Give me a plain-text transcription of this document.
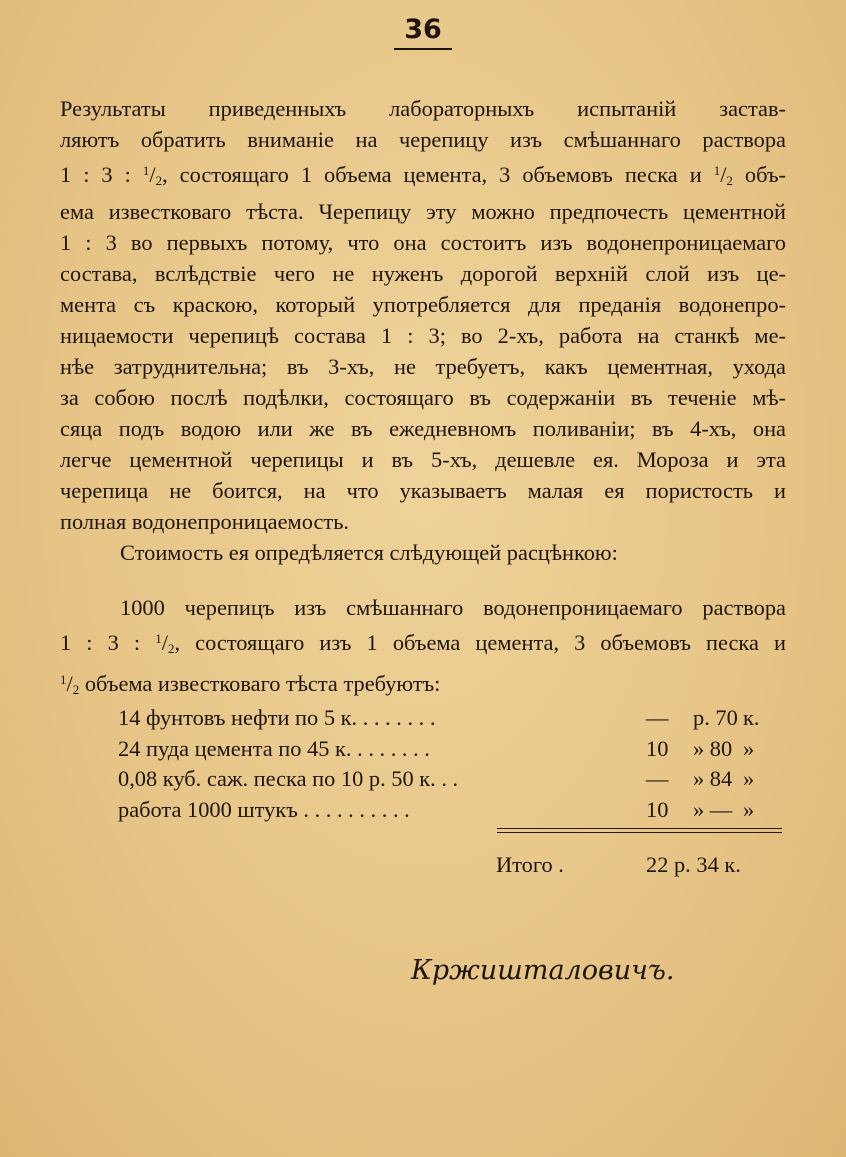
36
Результаты приведенныхъ лабораторныхъ испытаній застав-
ляютъ обратить вниманіе на черепицу изъ смѣшаннаго раствора
1 : 3 : $^1/_2$, состоящаго 1 объема цемента, 3 объемовъ песка и $^1/_2$ объ-
ема известковаго тѣста. Черепицу эту можно предпочесть цементной
1 : 3 во первыхъ потому, что она состоитъ изъ водонепроницаемаго
состава, вслѣдствіе чего не нуженъ дорогой верхній слой изъ це-
мента съ краскою, который употребляется для преданія водонепро-
ницаемости черепицѣ состава 1 : 3; во 2-хъ, работа на станкѣ ме-
нѣе затруднительна; въ 3-хъ, не требуетъ, какъ цементная, ухода
за собою послѣ подѣлки, состоящаго въ содержаніи въ теченіе мѣ-
сяца подъ водою или же въ ежедневномъ поливаніи; въ 4-хъ, она
легче цементной черепицы и въ 5-хъ, дешевле ея. Мороза и эта
черепица не боится, на что указываетъ малая ея пористость и
полная водонепроницаемость.
Стоимость ея опредѣляется слѣдующей расцѣнкою:
1000 черепицъ изъ смѣшаннаго водонепроницаемаго раствора
1 : 3 : $^1/_2$, состоящаго изъ 1 объема цемента, 3 объемовъ песка и
$^1/_2$ объема известковаго тѣста требуютъ:
14 фунтовъ нефти по 5 к. . . . . . . .	— р. 70 к.
24 пуда цемента по 45 к. . . . . . . .	10 » 80 »
0,08 куб. саж. песка по 10 р. 50 к. . .	— » 84 »
работа 1000 штукъ . . . . . . . . . .	10 » — »
Итого .	22 р. 34 к.
Кржишталовичъ.
